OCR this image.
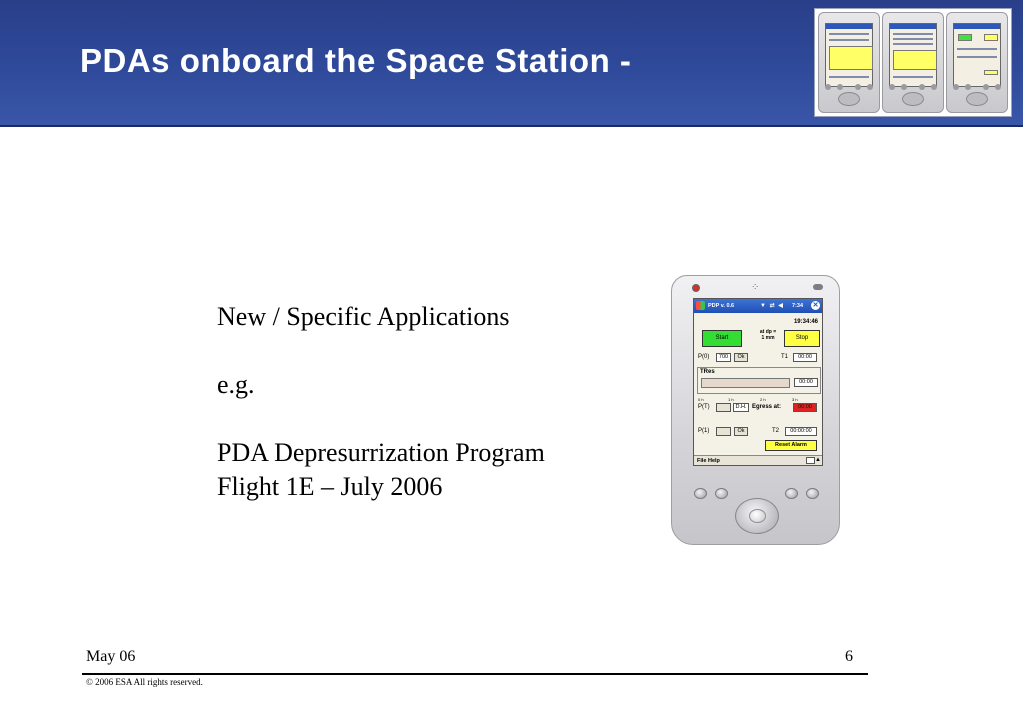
PDAs onboard the Space Station -
New / Specific Applications
e.g.
PDA Depresurrization Program
Flight 1E – July 2006
⁘
PDP v. 0.6	▼ ⇄ ◀ 7:34 ✕
19:34:46
Start
at dp =
1 mm	Stop
P(0)	700	Ok	T1	00:00
TRes
00:00
0 h	1 h	2 h	3 h
P(T)	D.H. Egress at:	00:00
P(1)	Ok	T2	00:00:00
Reset Alarm
File Help	▲
May 06	6
© 2006 ESA All rights reserved.
